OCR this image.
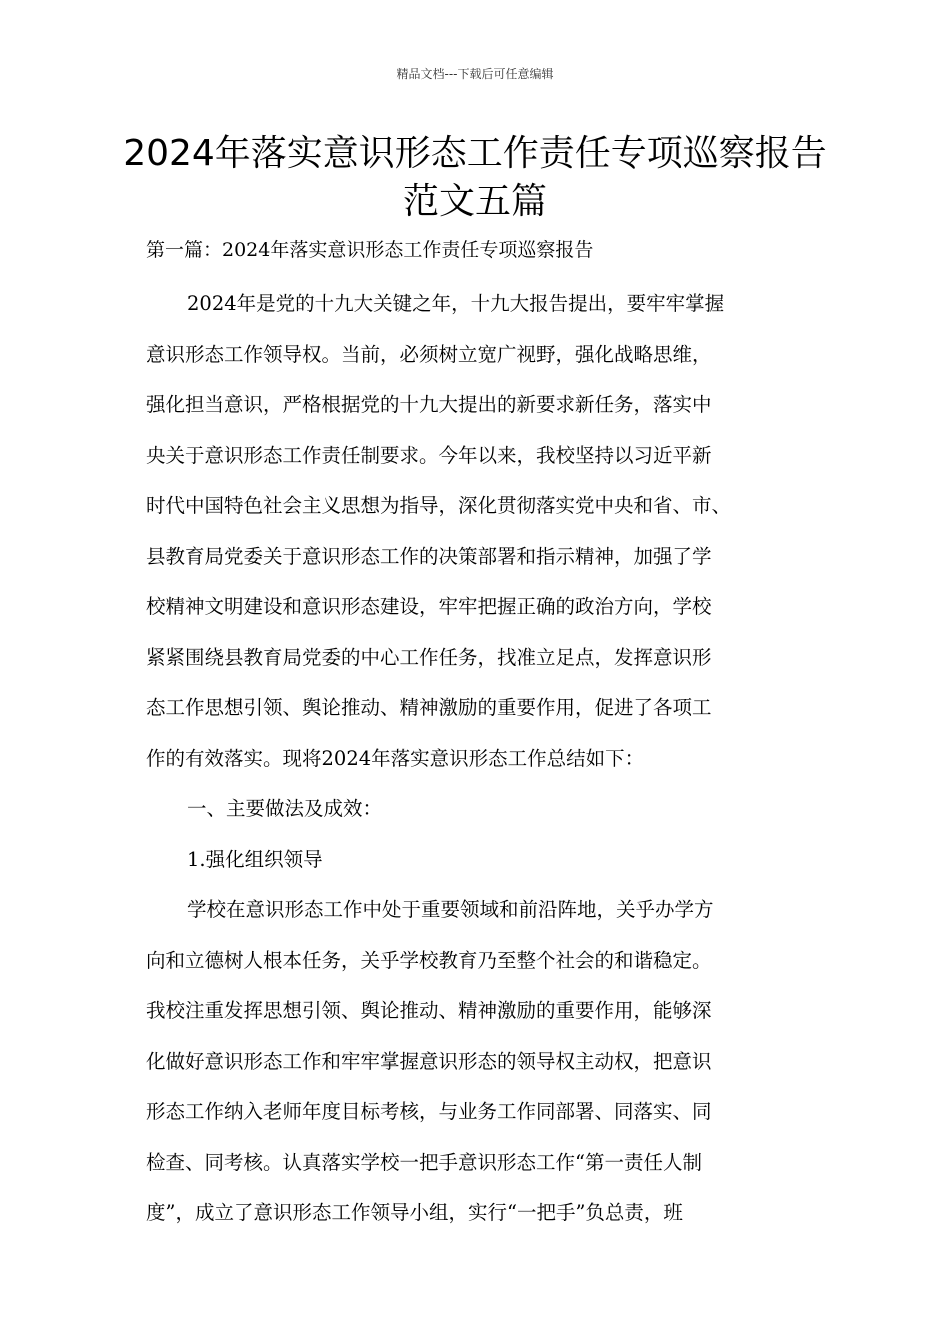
精品文档---下载后可任意编辑
2024年落实意识形态工作责任专项巡察报告范文五篇

第一篇：2024年落实意识形态工作责任专项巡察报告

2024年是党的十九大关键之年，十九大报告提出，要牢牢掌握
意识形态工作领导权。当前，必须树立宽广视野，强化战略思维，
强化担当意识，严格根据党的十九大提出的新要求新任务，落实中
央关于意识形态工作责任制要求。今年以来，我校坚持以习近平新
时代中国特色社会主义思想为指导，深化贯彻落实党中央和省、市、
县教育局党委关于意识形态工作的决策部署和指示精神，加强了学
校精神文明建设和意识形态建设，牢牢把握正确的政治方向，学校
紧紧围绕县教育局党委的中心工作任务，找准立足点，发挥意识形
态工作思想引领、舆论推动、精神激励的重要作用，促进了各项工
作的有效落实。现将2024年落实意识形态工作总结如下：
一、主要做法及成效：
1.强化组织领导
学校在意识形态工作中处于重要领域和前沿阵地，关乎办学方
向和立德树人根本任务，关乎学校教育乃至整个社会的和谐稳定。
我校注重发挥思想引领、舆论推动、精神激励的重要作用，能够深
化做好意识形态工作和牢牢掌握意识形态的领导权主动权，把意识
形态工作纳入老师年度目标考核，与业务工作同部署、同落实、同
检查、同考核。认真落实学校一把手意识形态工作“第一责任人制
度”，成立了意识形态工作领导小组，实行“一把手”负总责，班
